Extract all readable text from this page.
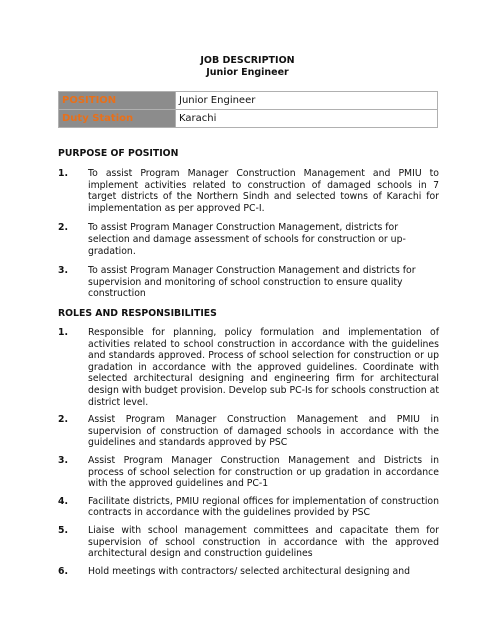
JOB DESCRIPTION
Junior Engineer
POSITION	Junior Engineer
Duty Station	Karachi
PURPOSE OF POSITION
1. To assist Program Manager Construction Management and PMIU to implement activities related to construction of damaged schools in 7 target districts of the Northern Sindh and selected towns of Karachi for implementation as per approved PC-I.
2. To assist Program Manager Construction Management, districts for selection and damage assessment of schools for construction or up-gradation.
3. To assist Program Manager Construction Management and districts for supervision and monitoring of school construction to ensure quality construction
ROLES AND RESPONSIBILITIES
1. Responsible for planning, policy formulation and implementation of activities related to school construction in accordance with the guidelines and standards approved. Process of school selection for construction or up gradation in accordance with the approved guidelines. Coordinate with selected architectural designing and engineering firm for architectural design with budget provision. Develop sub PC-Is for schools construction at district level.
2. Assist Program Manager Construction Management and PMIU in supervision of construction of damaged schools in accordance with the guidelines and standards approved by PSC
3. Assist Program Manager Construction Management and Districts in process of school selection for construction or up gradation in accordance with the approved guidelines and PC-1
4. Facilitate districts, PMIU regional offices for implementation of construction contracts in accordance with the guidelines provided by PSC
5. Liaise with school management committees and capacitate them for supervision of school construction in accordance with the approved architectural design and construction guidelines
6. Hold meetings with contractors/ selected architectural designing and
